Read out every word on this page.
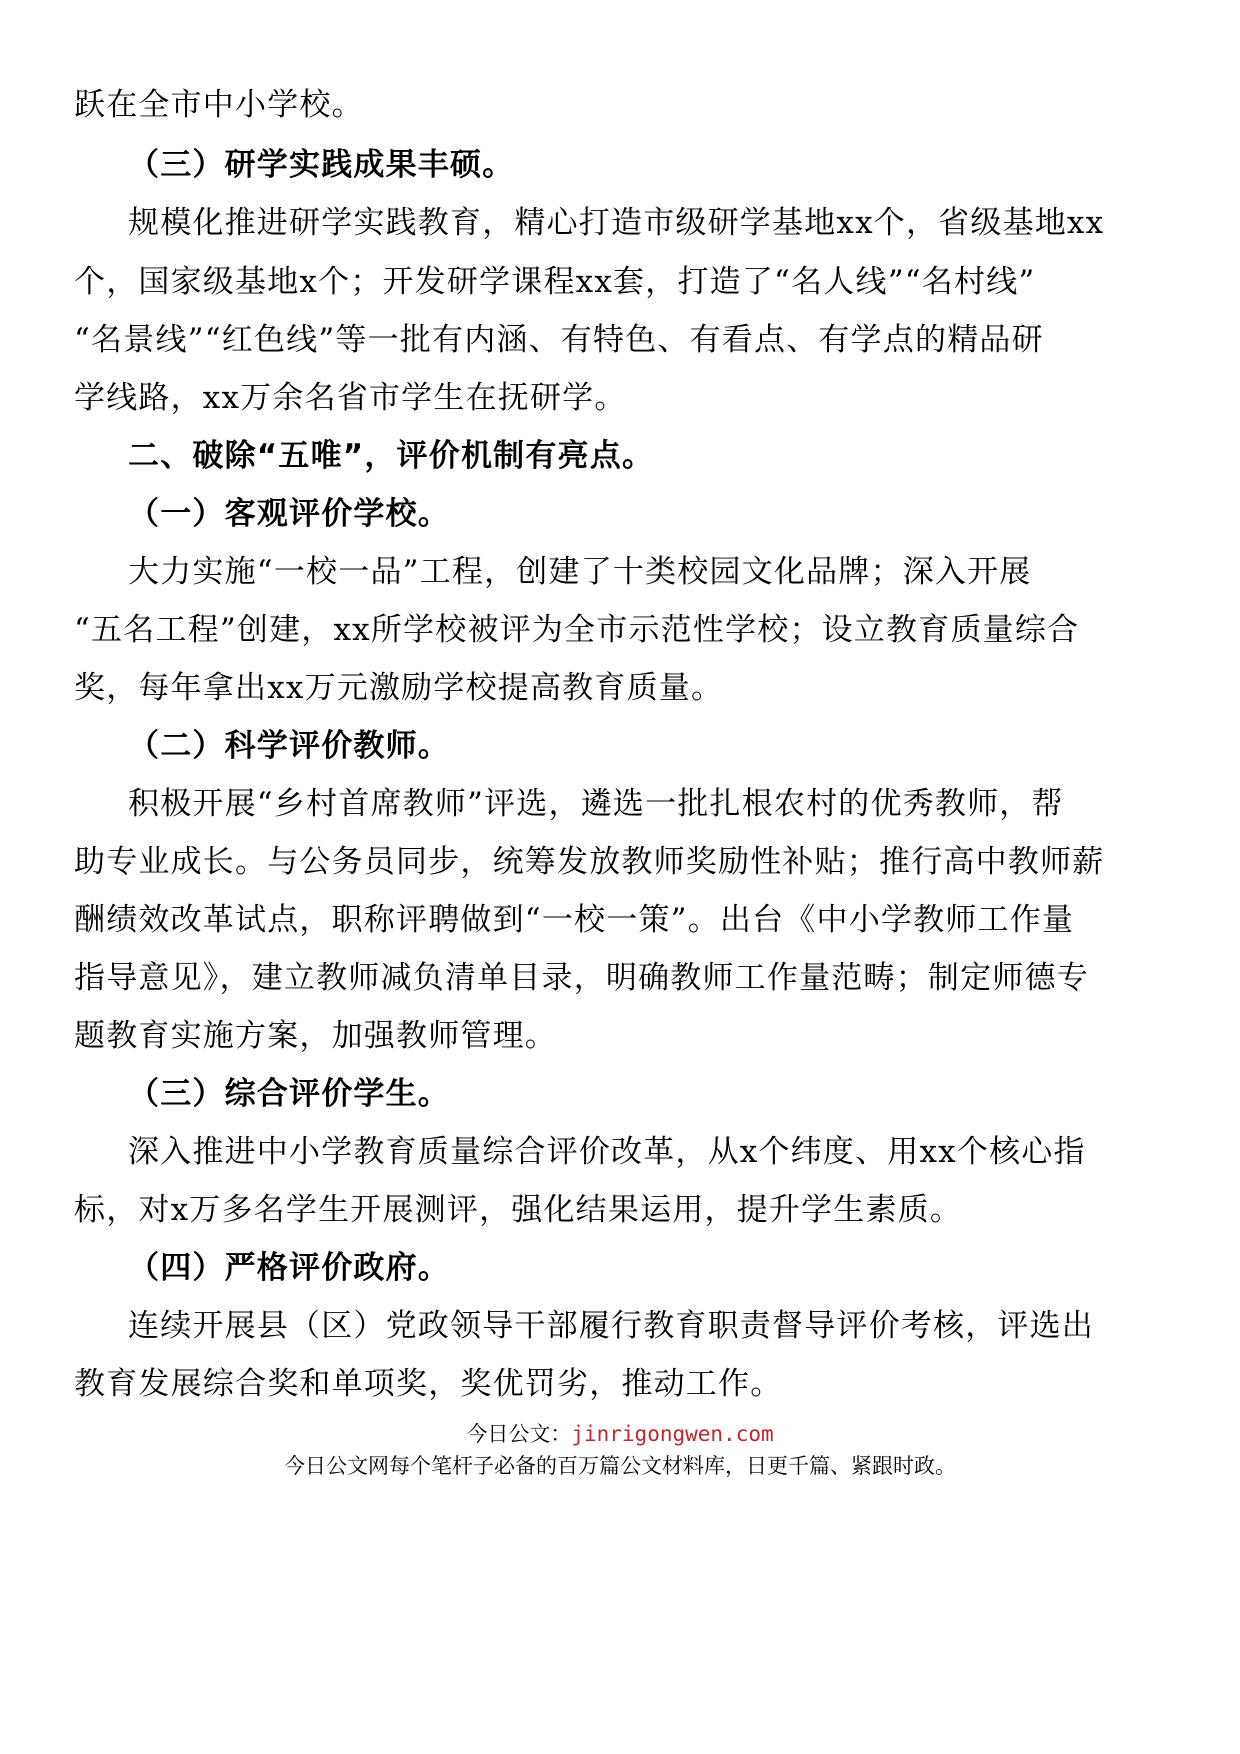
跃在全市中小学校。
（三）研学实践成果丰硕。
规模化推进研学实践教育，精心打造市级研学基地xx个，省级基地xx
个，国家级基地x个；开发研学课程xx套，打造了“名人线”“名村线”
“名景线”“红色线”等一批有内涵、有特色、有看点、有学点的精品研
学线路，xx万余名省市学生在抚研学。
二、破除“五唯”，评价机制有亮点。
（一）客观评价学校。
大力实施“一校一品”工程，创建了十类校园文化品牌；深入开展
“五名工程”创建，xx所学校被评为全市示范性学校；设立教育质量综合
奖，每年拿出xx万元激励学校提高教育质量。
（二）科学评价教师。
积极开展“乡村首席教师”评选，遴选一批扎根农村的优秀教师，帮
助专业成长。与公务员同步，统筹发放教师奖励性补贴；推行高中教师薪
酬绩效改革试点，职称评聘做到“一校一策”。出台《中小学教师工作量
指导意见》，建立教师减负清单目录，明确教师工作量范畴；制定师德专
题教育实施方案，加强教师管理。
（三）综合评价学生。
深入推进中小学教育质量综合评价改革，从x个纬度、用xx个核心指
标，对x万多名学生开展测评，强化结果运用，提升学生素质。
（四）严格评价政府。
连续开展县（区）党政领导干部履行教育职责督导评价考核，评选出
教育发展综合奖和单项奖，奖优罚劣，推动工作。
今日公文：jinrigongwen.com
今日公文网每个笔杆子必备的百万篇公文材料库，日更千篇、紧跟时政。
